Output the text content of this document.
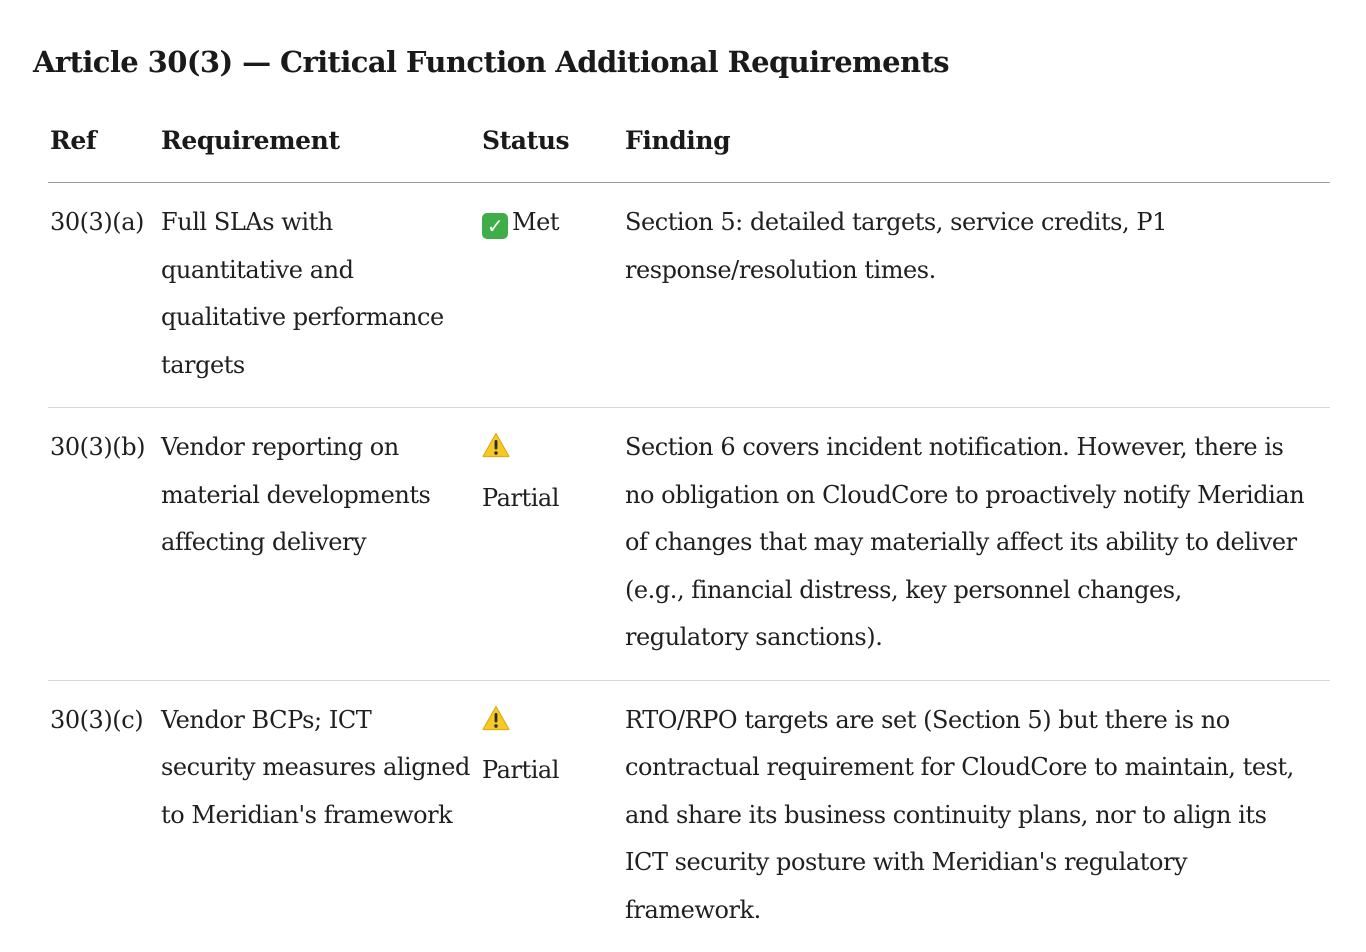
Article 30(3) — Critical Function Additional Requirements
Ref	Requirement	Status	Finding
30(3)(a)	Full SLAs with quantitative and qualitative performance targets	✓ Met	Section 5: detailed targets, service credits, P1 response/resolution times.
30(3)(b)	Vendor reporting on material developments affecting delivery	Partial	Section 6 covers incident notification. However, there is no obligation on CloudCore to proactively notify Meridian of changes that may materially affect its ability to deliver (e.g., financial distress, key personnel changes, regulatory sanctions).
30(3)(c)	Vendor BCPs; ICT security measures aligned to Meridian's framework	Partial	RTO/RPO targets are set (Section 5) but there is no contractual requirement for CloudCore to maintain, test, and share its business continuity plans, nor to align its ICT security posture with Meridian's regulatory framework.
